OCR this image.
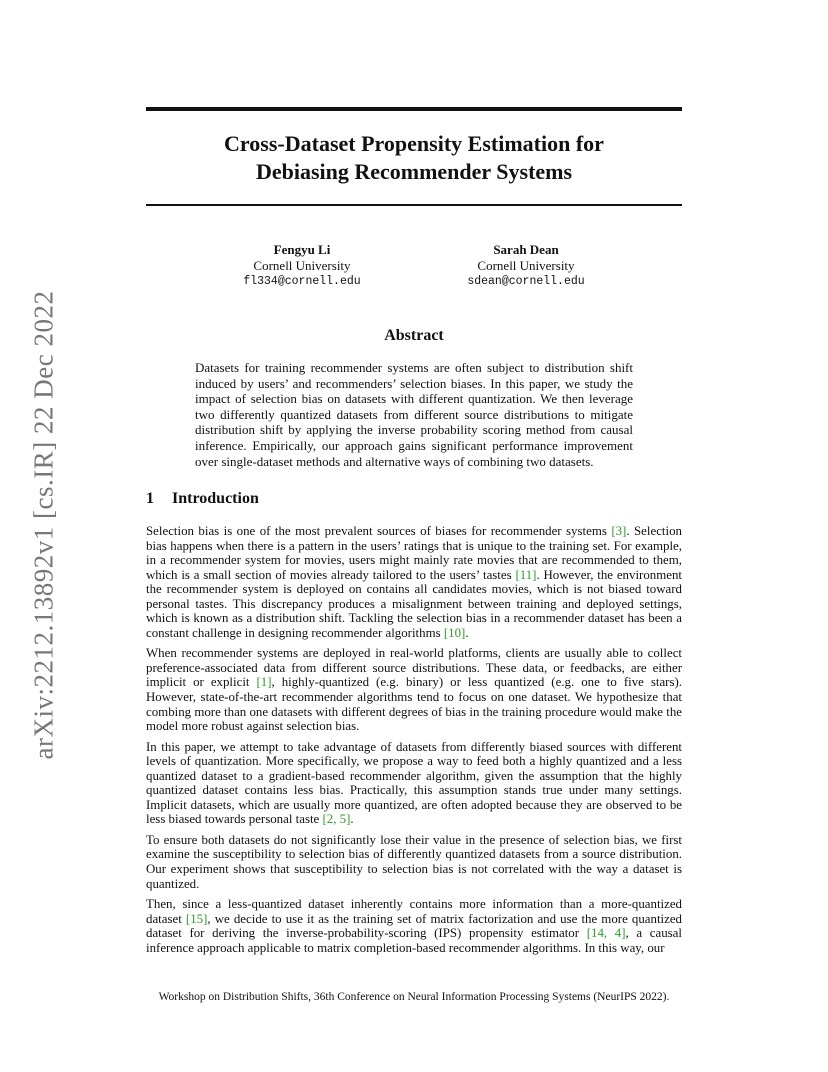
arXiv:2212.13892v1 [cs.IR] 22 Dec 2022
Cross-Dataset Propensity Estimation for
Debiasing Recommender Systems
Fengyu Li
Cornell University
fl334@cornell.edu
Sarah Dean
Cornell University
sdean@cornell.edu
Abstract
Datasets for training recommender systems are often subject to distribution shift induced by users’ and recommenders’ selection biases. In this paper, we study the impact of selection bias on datasets with different quantization. We then leverage two differently quantized datasets from different source distributions to mitigate distribution shift by applying the inverse probability scoring method from causal inference. Empirically, our approach gains significant performance improvement over single-dataset methods and alternative ways of combining two datasets.
1 Introduction

Selection bias is one of the most prevalent sources of biases for recommender systems [3]. Selection bias happens when there is a pattern in the users’ ratings that is unique to the training set. For example, in a recommender system for movies, users might mainly rate movies that are recommended to them, which is a small section of movies already tailored to the users’ tastes [11]. However, the environment the recommender system is deployed on contains all candidates movies, which is not biased toward personal tastes. This discrepancy produces a misalignment between training and deployed settings, which is known as a distribution shift. Tackling the selection bias in a recommender dataset has been a constant challenge in designing recommender algorithms [10].

When recommender systems are deployed in real-world platforms, clients are usually able to collect preference-associated data from different source distributions. These data, or feedbacks, are either implicit or explicit [1], highly-quantized (e.g. binary) or less quantized (e.g. one to five stars). However, state-of-the-art recommender algorithms tend to focus on one dataset. We hypothesize that combing more than one datasets with different degrees of bias in the training procedure would make the model more robust against selection bias.

In this paper, we attempt to take advantage of datasets from differently biased sources with different levels of quantization. More specifically, we propose a way to feed both a highly quantized and a less quantized dataset to a gradient-based recommender algorithm, given the assumption that the highly quantized dataset contains less bias. Practically, this assumption stands true under many settings. Implicit datasets, which are usually more quantized, are often adopted because they are observed to be less biased towards personal taste [2, 5].

To ensure both datasets do not significantly lose their value in the presence of selection bias, we first examine the susceptibility to selection bias of differently quantized datasets from a source distribution. Our experiment shows that susceptibility to selection bias is not correlated with the way a dataset is quantized.

Then, since a less-quantized dataset inherently contains more information than a more-quantized dataset [15], we decide to use it as the training set of matrix factorization and use the more quantized dataset for deriving the inverse-probability-scoring (IPS) propensity estimator [14, 4], a causal inference approach applicable to matrix completion-based recommender algorithms. In this way, our

Workshop on Distribution Shifts, 36th Conference on Neural Information Processing Systems (NeurIPS 2022).
